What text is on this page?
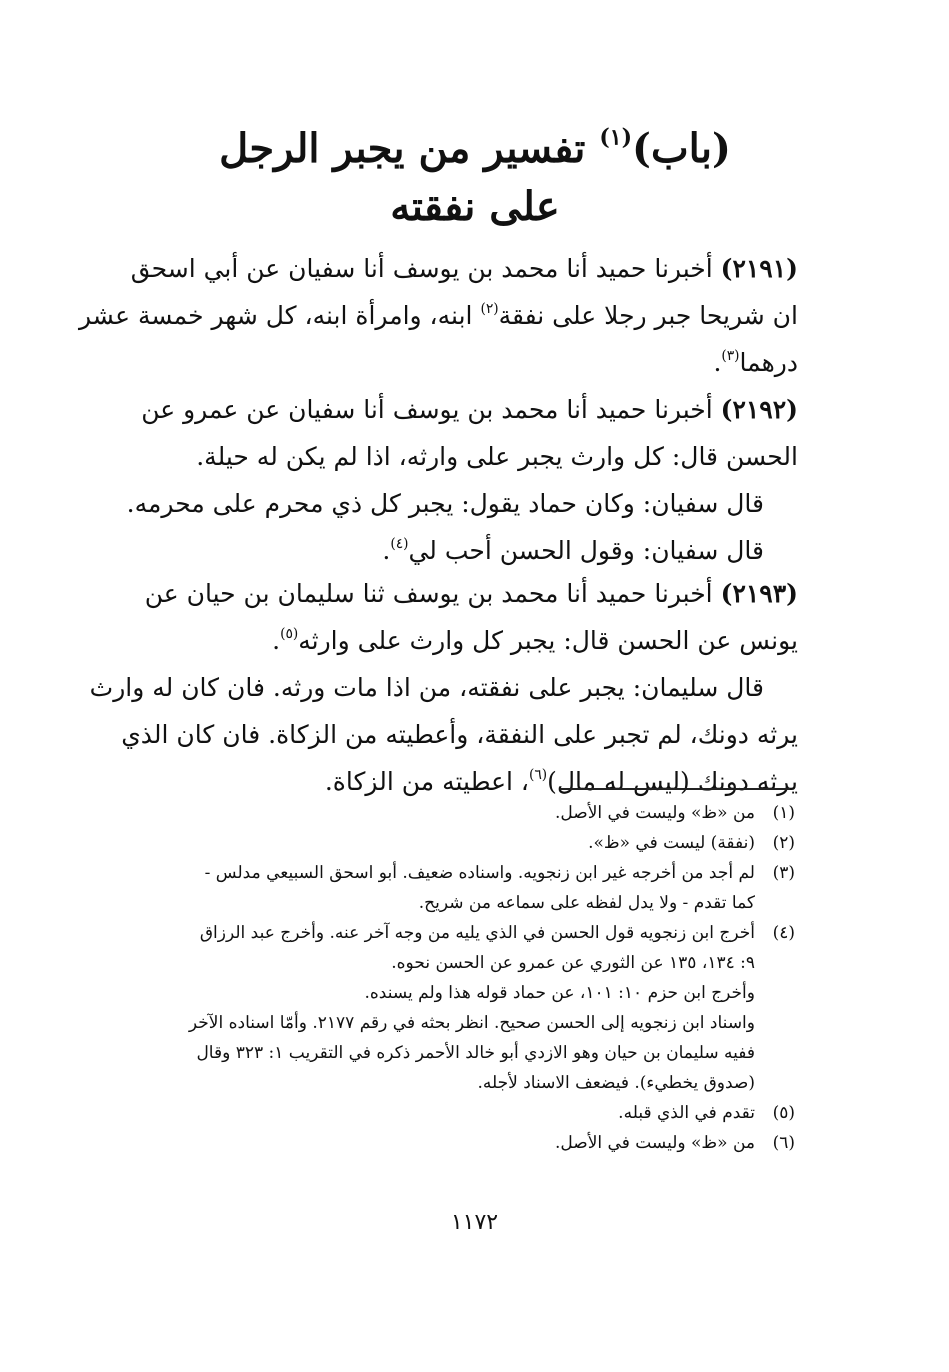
(باب)$^{(١)}$ تفسير من يجبر الرجل
على نفقته
(٢١٩١) أخبرنا حميد أنا محمد بن يوسف أنا سفيان عن أبي اسحق
ان شريحا جبر رجلا على نفقة$^{(٢)}$ ابنه، وامرأة ابنه، كل شهر خمسة عشر
درهما$^{(٣)}$.
(٢١٩٢) أخبرنا حميد أنا محمد بن يوسف أنا سفيان عن عمرو عن
الحسن قال: كل وارث يجبر على وارثه، اذا لم يكن له حيلة.
قال سفيان: وكان حماد يقول: يجبر كل ذي محرم على محرمه.
قال سفيان: وقول الحسن أحب لي$^{(٤)}$.
(٢١٩٣) أخبرنا حميد أنا محمد بن يوسف ثنا سليمان بن حيان عن
يونس عن الحسن قال: يجبر كل وارث على وارثه$^{(٥)}$.
قال سليمان: يجبر على نفقته، من اذا مات ورثه. فان كان له وارث
يرثه دونك، لم تجبر على النفقة، وأعطيته من الزكاة. فان كان الذي
يرثه دونك (ليس له مال)$^{(٦)}$، اعطيته من الزكاة.
(١)
من «ظ» وليست في الأصل.
(٢)
(نفقة) ليست في «ظ».
(٣)
لم أجد من أخرجه غير ابن زنجويه. واسناده ضعيف. أبو اسحق السبيعي مدلس -
كما تقدم - ولا يدل لفظه على سماعه من شريح.
(٤)
أخرج ابن زنجويه قول الحسن في الذي يليه من وجه آخر عنه. وأخرج عبد الرزاق
٩: ١٣٤، ١٣٥ عن الثوري عن عمرو عن الحسن نحوه.
وأخرج ابن حزم ١٠: ١٠١، عن حماد قوله هذا ولم يسنده.
واسناد ابن زنجويه إلى الحسن صحيح. انظر بحثه في رقم ٢١٧٧. وأمّا اسناده الآخر
ففيه سليمان بن حيان وهو الازدي أبو خالد الأحمر ذكره في التقريب ١: ٣٢٣ وقال
(صدوق يخطيء). فيضعف الاسناد لأجله.
(٥)
تقدم في الذي قبله.
(٦)
من «ظ» وليست في الأصل.
١١٧٢
